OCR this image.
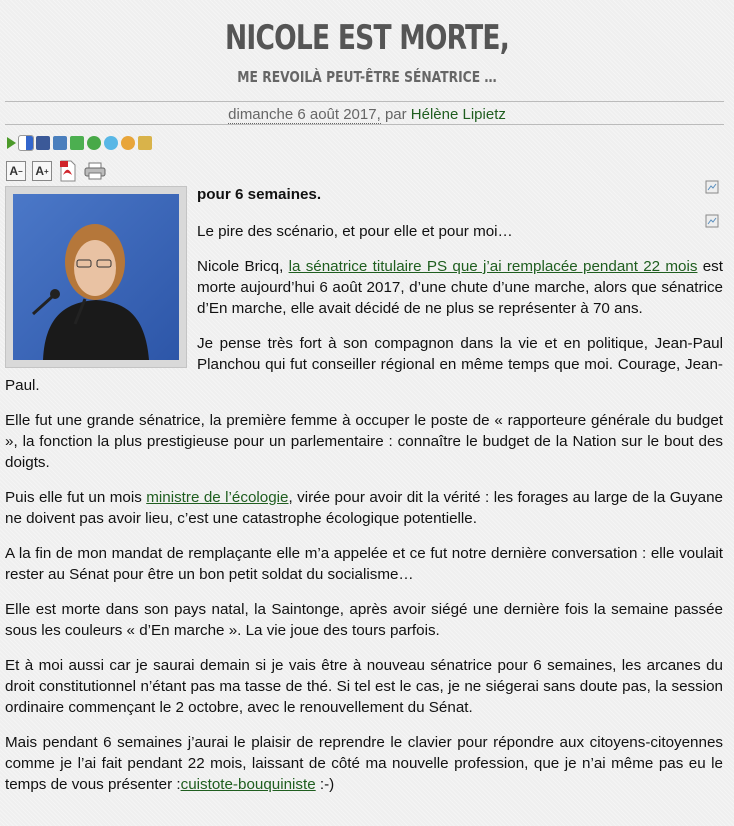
NICOLE EST MORTE,
ME REVOILÀ PEUT-ÊTRE SÉNATRICE …
dimanche 6 août 2017, par Hélène Lipietz
A − A +

pour 6 semaines.

Le pire des scénario, et pour elle et pour moi…

Nicole Bricq, la sénatrice titulaire PS que j’ai remplacée pendant 22 mois est morte aujourd’hui 6 août 2017, d’une chute d’une marche, alors que sénatrice d’En marche, elle avait décidé de ne plus se représenter à 70 ans.

Je pense très fort à son compagnon dans la vie et en politique, Jean-Paul Planchou qui fut conseiller régional en même temps que moi. Courage, Jean-Paul.

Elle fut une grande sénatrice, la première femme à occuper le poste de « rapporteure générale du budget », la fonction la plus prestigieuse pour un parlementaire : connaître le budget de la Nation sur le bout des doigts.

Puis elle fut un mois ministre de l’écologie, virée pour avoir dit la vérité : les forages au large de la Guyane ne doivent pas avoir lieu, c’est une catastrophe écologique potentielle.

A la fin de mon mandat de remplaçante elle m’a appelée et ce fut notre dernière conversation : elle voulait rester au Sénat pour être un bon petit soldat du socialisme…

Elle est morte dans son pays natal, la Saintonge, après avoir siégé une dernière fois la semaine passée sous les couleurs « d’En marche ». La vie joue des tours parfois.

Et à moi aussi car je saurai demain si je vais être à nouveau sénatrice pour 6 semaines, les arcanes du droit constitutionnel n’étant pas ma tasse de thé. Si tel est le cas, je ne siégerai sans doute pas, la session ordinaire commençant le 2 octobre, avec le renouvellement du Sénat.

Mais pendant 6 semaines j’aurai le plaisir de reprendre le clavier pour répondre aux citoyens-citoyennes comme je l’ai fait pendant 22 mois, laissant de côté ma nouvelle profession, que je n’ai même pas eu le temps de vous présenter :cuistote-bouquiniste :-)
